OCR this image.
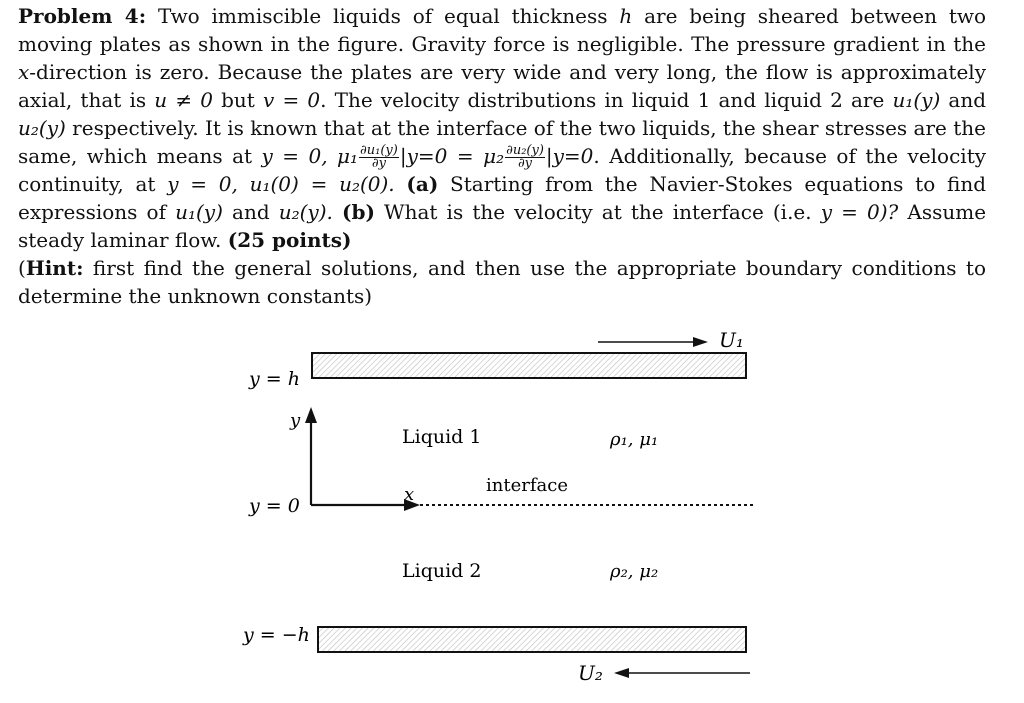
Problem 4: Two immiscible liquids of equal thickness h are being sheared between two moving plates as shown in the figure. Gravity force is negligible. The pressure gradient in the x-direction is zero. Because the plates are very wide and very long, the flow is approximately axial, that is u ≠ 0 but v = 0. The velocity distributions in liquid 1 and liquid 2 are u₁(y) and u₂(y) respectively. It is known that at the interface of the two liquids, the shear stresses are the same, which means at y = 0, $\mu_1 \frac{\text{∂u₁(y)}}{\partial y} |y=0 = \mu_2 \frac{\text{∂u₂(y)}}{\partial y} |y=0$. Additionally, because of the velocity continuity, at y = 0, u₁(0) = u₂(0). (a) Starting from the Navier-Stokes equations to find expressions of u₁(y) and u₂(y). (b) What is the velocity at the interface (i.e. y = 0)? Assume steady laminar flow. (25 points)
(Hint: first find the general solutions, and then use the appropriate boundary conditions to determine the unknown constants)
U₁
U₂
y
x	interface
y = h
y = 0
y = −h
Liquid 1
Liquid 2
ρ₁, μ₁
ρ₂, μ₂
